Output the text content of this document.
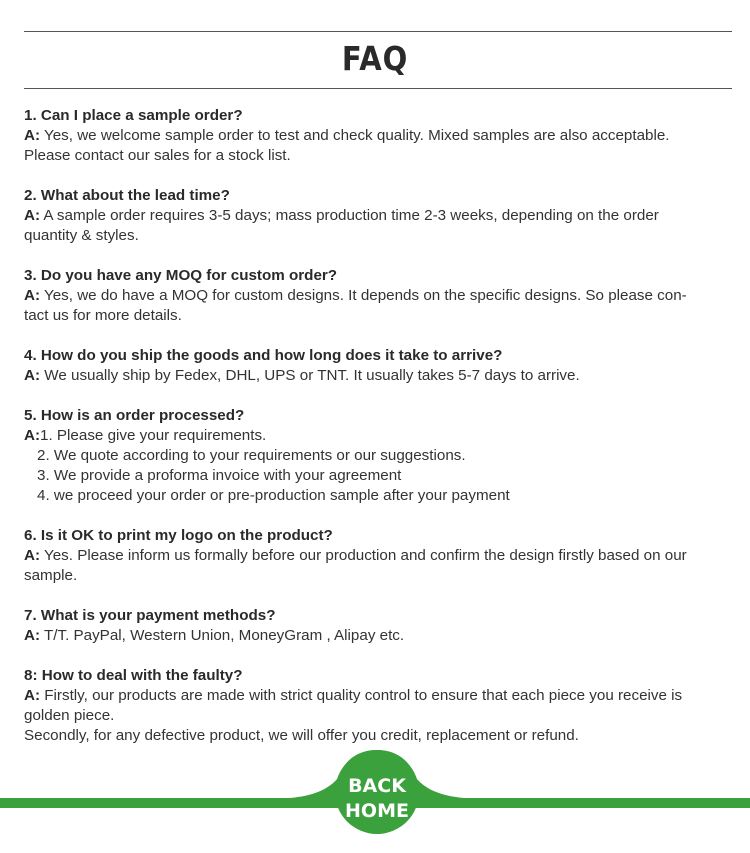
FAQ
1. Can I place a sample order?
A: Yes, we welcome sample order to test and check quality. Mixed samples are also acceptable.
Please contact our sales for a stock list.
2. What about the lead time?
A: A sample order requires 3-5 days; mass production time 2-3 weeks, depending on the order
quantity & styles.
3. Do you have any MOQ for custom order?
A: Yes, we do have a MOQ for custom designs. It depends on the specific designs. So please con-
tact us for more details.
4. How do you ship the goods and how long does it take to arrive?
A: We usually ship by Fedex, DHL, UPS or TNT. It usually takes 5-7 days to arrive.
5. How is an order processed?
A:1. Please give your requirements.
2. We quote according to your requirements or our suggestions.
3. We provide a proforma invoice with your agreement
4. we proceed your order or pre-production sample after your payment
6. Is it OK to print my logo on the product?
A: Yes. Please inform us formally before our production and confirm the design firstly based on our
sample.
7. What is your payment methods?
A: T/T. PayPal, Western Union, MoneyGram , Alipay etc.
8: How to deal with the faulty?
A: Firstly, our products are made with strict quality control to ensure that each piece you receive is
golden piece.
Secondly, for any defective product, we will offer you credit, replacement or refund.
BACK
HOME
